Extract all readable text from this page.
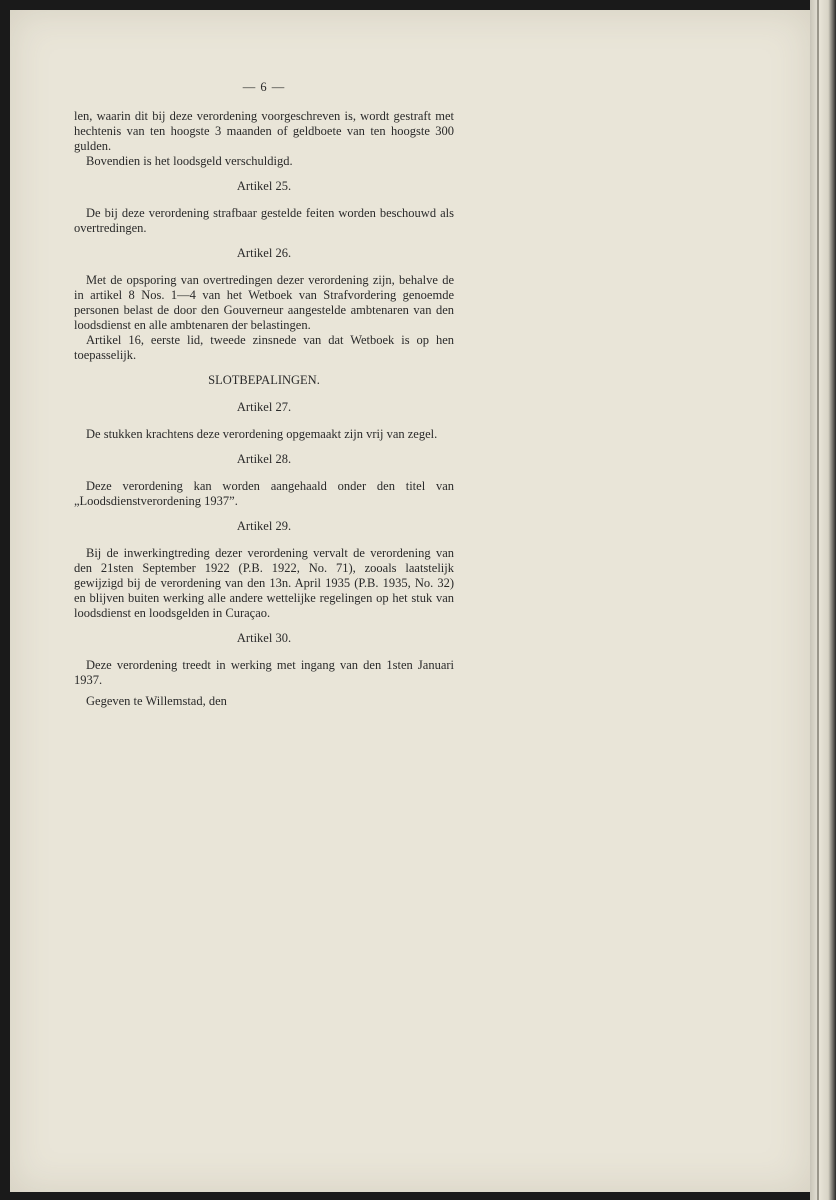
— 6 —

len, waarin dit bij deze verordening voorgeschreven is, wordt gestraft met hechtenis van ten hoogste 3 maanden of geldboete van ten hoogste 300 gulden.

Bovendien is het loodsgeld verschuldigd.

Artikel 25.

De bij deze verordening strafbaar gestelde feiten worden beschouwd als overtredingen.

Artikel 26.

Met de opsporing van overtredingen dezer verordening zijn, behalve de in artikel 8 Nos. 1—4 van het Wetboek van Strafvordering genoemde personen belast de door den Gouverneur aangestelde ambtenaren van den loodsdienst en alle ambtenaren der belastingen.

Artikel 16, eerste lid, tweede zinsnede van dat Wetboek is op hen toepasselijk.

SLOTBEPALINGEN.
Artikel 27.

De stukken krachtens deze verordening opgemaakt zijn vrij van zegel.

Artikel 28.

Deze verordening kan worden aangehaald onder den titel van „Loodsdienstverordening 1937”.

Artikel 29.

Bij de inwerkingtreding dezer verordening vervalt de verordening van den 21sten September 1922 (P.B. 1922, No. 71), zooals laatstelijk gewijzigd bij de verordening van den 13n. April 1935 (P.B. 1935, No. 32) en blijven buiten werking alle andere wettelijke regelingen op het stuk van loodsdienst en loodsgelden in Curaçao.

Artikel 30.

Deze verordening treedt in werking met ingang van den 1sten Januari 1937.

Gegeven te Willemstad, den
